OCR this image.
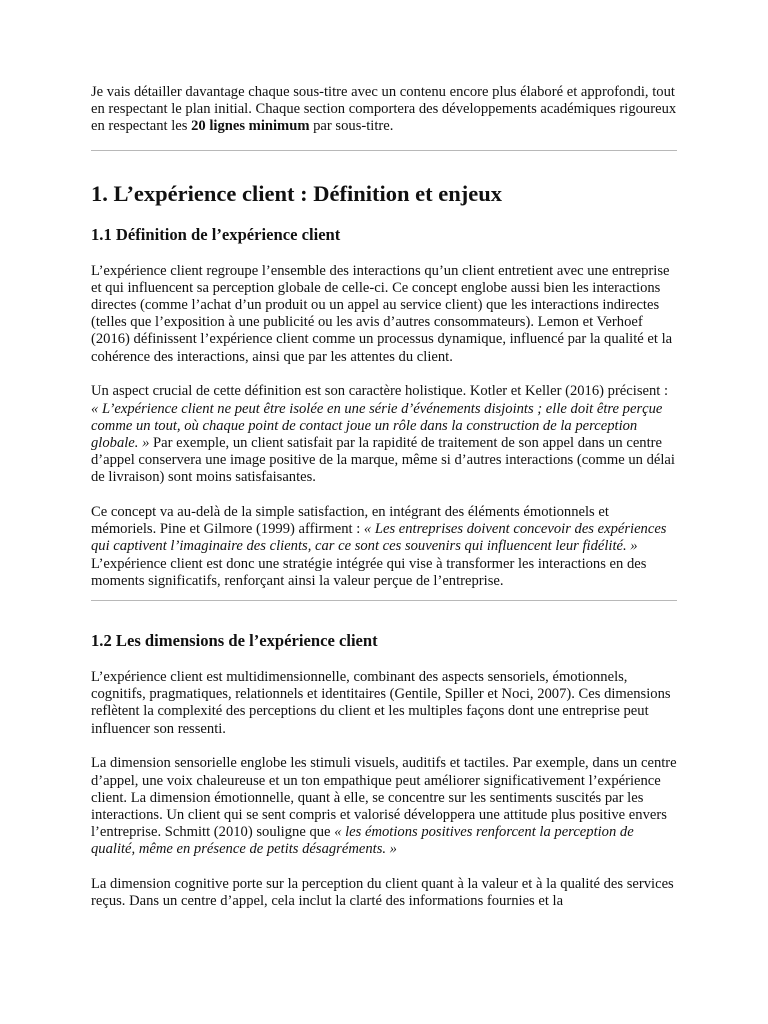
Je vais détailler davantage chaque sous-titre avec un contenu encore plus élaboré et approfondi, tout en respectant le plan initial. Chaque section comportera des développements académiques rigoureux en respectant les 20 lignes minimum par sous-titre.

1. L’expérience client : Définition et enjeux
1.1 Définition de l’expérience client

L’expérience client regroupe l’ensemble des interactions qu’un client entretient avec une entreprise et qui influencent sa perception globale de celle-ci. Ce concept englobe aussi bien les interactions directes (comme l’achat d’un produit ou un appel au service client) que les interactions indirectes (telles que l’exposition à une publicité ou les avis d’autres consommateurs). Lemon et Verhoef (2016) définissent l’expérience client comme un processus dynamique, influencé par la qualité et la cohérence des interactions, ainsi que par les attentes du client.

Un aspect crucial de cette définition est son caractère holistique. Kotler et Keller (2016) précisent : « L’expérience client ne peut être isolée en une série d’événements disjoints ; elle doit être perçue comme un tout, où chaque point de contact joue un rôle dans la construction de la perception globale. » Par exemple, un client satisfait par la rapidité de traitement de son appel dans un centre d’appel conservera une image positive de la marque, même si d’autres interactions (comme un délai de livraison) sont moins satisfaisantes.

Ce concept va au-delà de la simple satisfaction, en intégrant des éléments émotionnels et mémoriels. Pine et Gilmore (1999) affirment : « Les entreprises doivent concevoir des expériences qui captivent l’imaginaire des clients, car ce sont ces souvenirs qui influencent leur fidélité. » L’expérience client est donc une stratégie intégrée qui vise à transformer les interactions en des moments significatifs, renforçant ainsi la valeur perçue de l’entreprise.

1.2 Les dimensions de l’expérience client

L’expérience client est multidimensionnelle, combinant des aspects sensoriels, émotionnels, cognitifs, pragmatiques, relationnels et identitaires (Gentile, Spiller et Noci, 2007). Ces dimensions reflètent la complexité des perceptions du client et les multiples façons dont une entreprise peut influencer son ressenti.

La dimension sensorielle englobe les stimuli visuels, auditifs et tactiles. Par exemple, dans un centre d’appel, une voix chaleureuse et un ton empathique peut améliorer significativement l’expérience client. La dimension émotionnelle, quant à elle, se concentre sur les sentiments suscités par les interactions. Un client qui se sent compris et valorisé développera une attitude plus positive envers l’entreprise. Schmitt (2010) souligne que « les émotions positives renforcent la perception de qualité, même en présence de petits désagréments. »

La dimension cognitive porte sur la perception du client quant à la valeur et à la qualité des services reçus. Dans un centre d’appel, cela inclut la clarté des informations fournies et la
